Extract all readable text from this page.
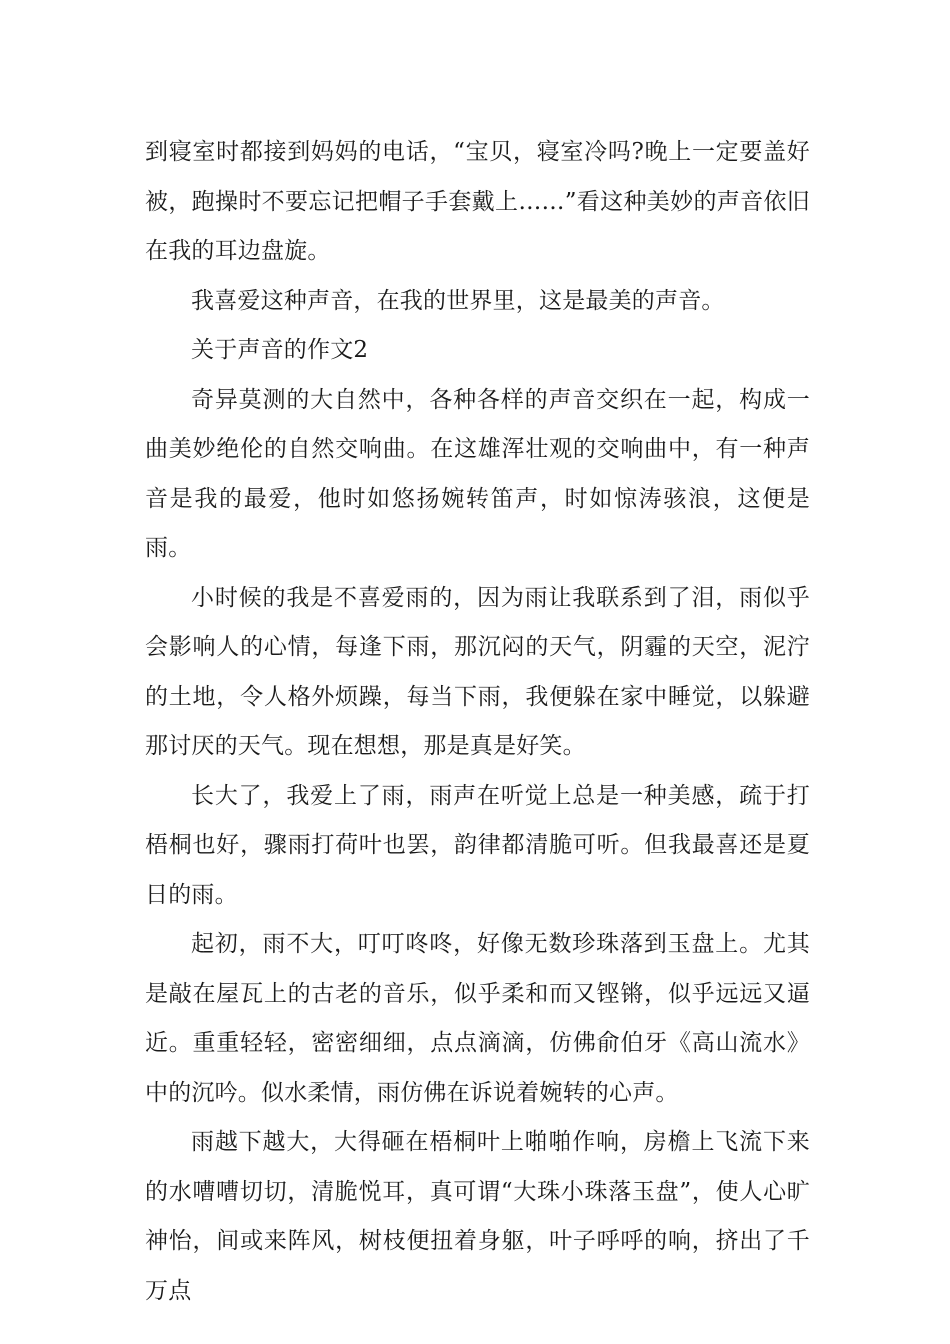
到寝室时都接到妈妈的电话，“宝贝，寝室冷吗?晚上一定要盖好被，跑操时不要忘记把帽子手套戴上……”看这种美妙的声音依旧在我的耳边盘旋。

我喜爱这种声音，在我的世界里，这是最美的声音。

关于声音的作文2

奇异莫测的大自然中，各种各样的声音交织在一起，构成一曲美妙绝伦的自然交响曲。在这雄浑壮观的交响曲中，有一种声音是我的最爱，他时如悠扬婉转笛声，时如惊涛骇浪，这便是雨。

小时候的我是不喜爱雨的，因为雨让我联系到了泪，雨似乎会影响人的心情，每逢下雨，那沉闷的天气，阴霾的天空，泥泞的土地，令人格外烦躁，每当下雨，我便躲在家中睡觉，以躲避那讨厌的天气。现在想想，那是真是好笑。

长大了，我爱上了雨，雨声在听觉上总是一种美感，疏于打梧桐也好，骤雨打荷叶也罢，韵律都清脆可听。但我最喜还是夏日的雨。

起初，雨不大，叮叮咚咚，好像无数珍珠落到玉盘上。尤其是敲在屋瓦上的古老的音乐，似乎柔和而又铿锵，似乎远远又逼近。重重轻轻，密密细细，点点滴滴，仿佛俞伯牙《高山流水》中的沉吟。似水柔情，雨仿佛在诉说着婉转的心声。

雨越下越大，大得砸在梧桐叶上啪啪作响，房檐上飞流下来的水嘈嘈切切，清脆悦耳，真可谓“大珠小珠落玉盘”，使人心旷神怡，间或来阵风，树枝便扭着身躯，叶子呼呼的响，挤出了千万点
